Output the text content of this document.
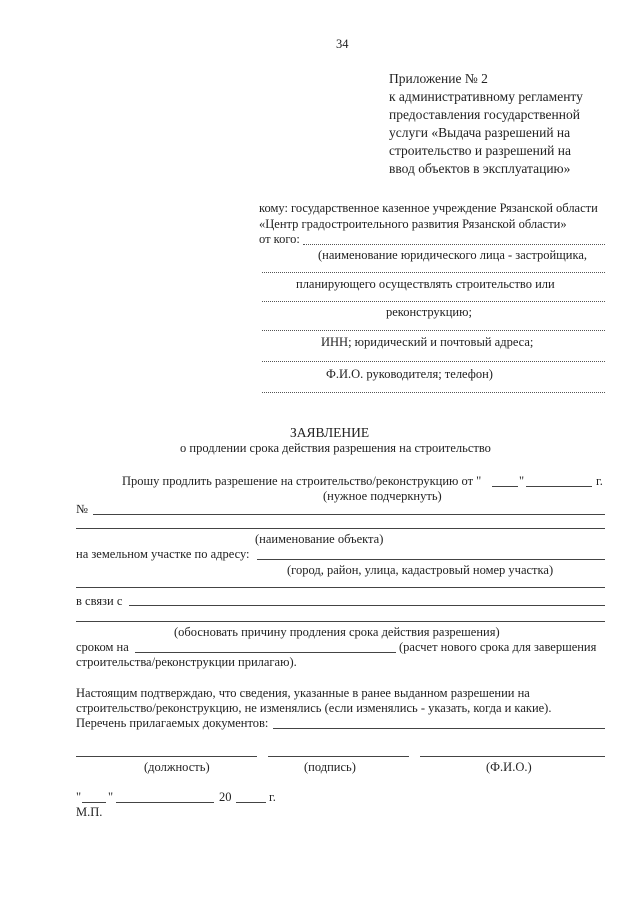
34
Приложение № 2
к административному регламенту
предоставления государственной
услуги «Выдача разрешений на
строительство и разрешений на
ввод объектов в эксплуатацию»
кому: государственное казенное учреждение Рязанской области
«Центр градостроительного развития Рязанской области»
от кого:
(наименование юридического лица - застройщика,
планирующего осуществлять строительство или
реконструкцию;
ИНН; юридический и почтовый адреса;
Ф.И.О. руководителя; телефон)
ЗАЯВЛЕНИЕ
о продлении срока действия разрешения на строительство
Прошу продлить разрешение на строительство/реконструкцию от "	"	г.
(нужное подчеркнуть)
№
(наименование объекта)
на земельном участке по адресу:
(город, район, улица, кадастровый номер участка)
в связи с
(обосновать причину продления срока действия разрешения)
сроком на	(расчет нового срока для завершения
строительства/реконструкции прилагаю).
Настоящим подтверждаю, что сведения, указанные в ранее выданном разрешении на
строительство/реконструкцию, не изменялись (если изменялись - указать, когда и какие).
Перечень прилагаемых документов:
(должность)	(подпись)	(Ф.И.О.)
" "	20	г.
М.П.
